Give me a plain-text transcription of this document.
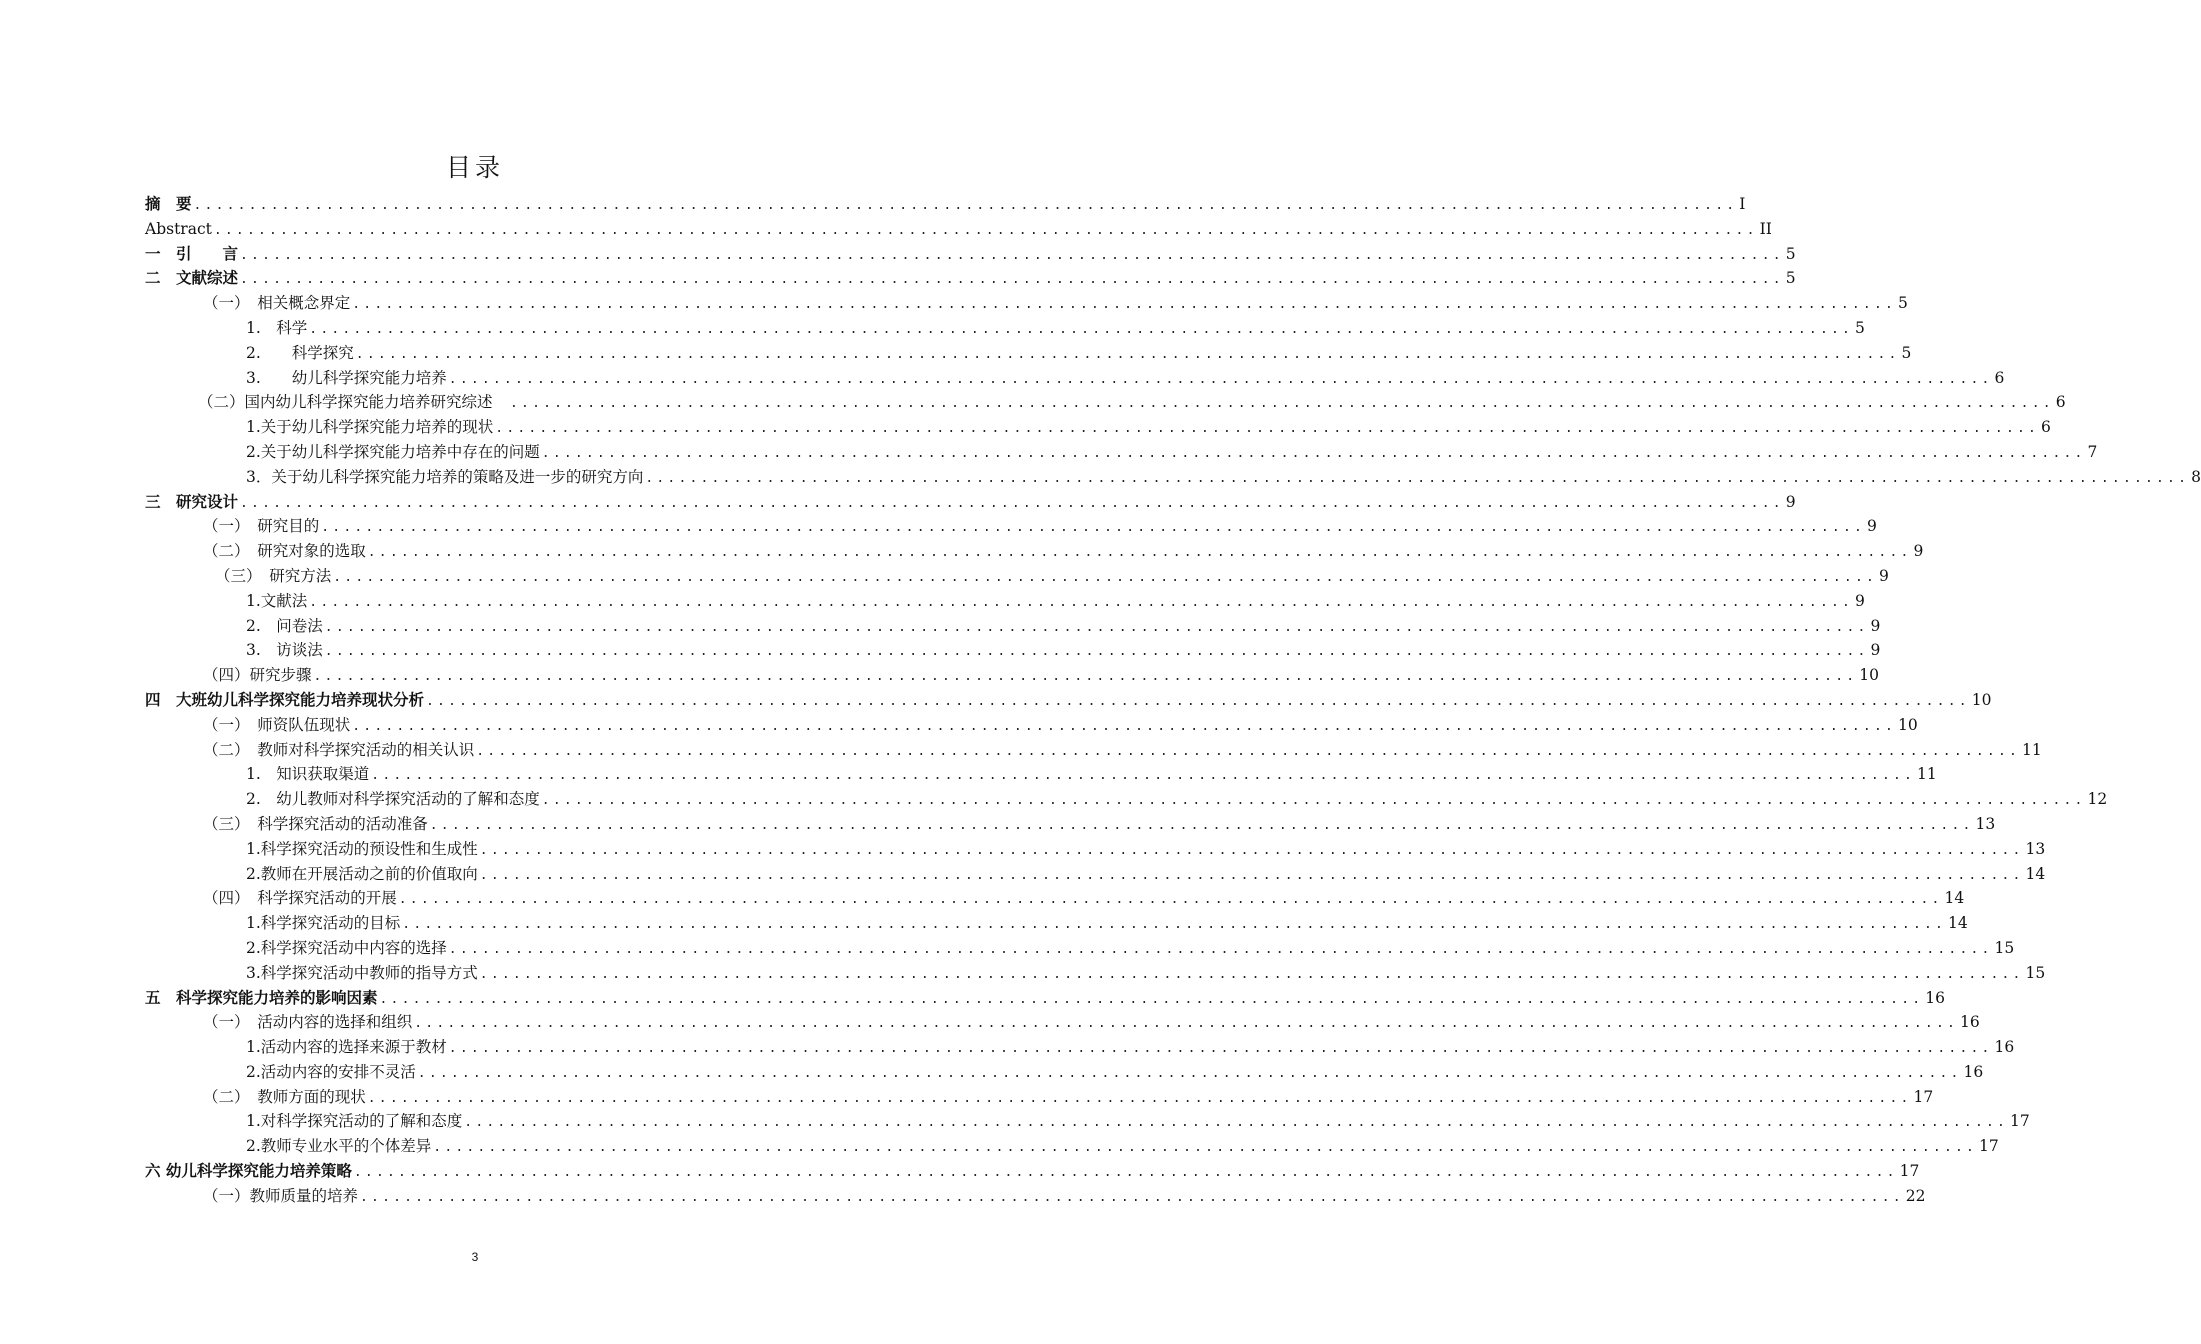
目录
摘　要 ............................................................................................................................................ I
Abstract ............................................................................................................................................ II
一　引　　言 ............................................................................................................................................ 5
二　文献综述 ............................................................................................................................................ 5
（一）　相关概念界定 ............................................................................................................................................ 5
1.　科学 ............................................................................................................................................ 5
2.　　科学探究 ............................................................................................................................................ 5
3.　　幼儿科学探究能力培养 ............................................................................................................................................ 6
（二）国内幼儿科学探究能力培养研究综述　 ............................................................................................................................................ 6
1.关于幼儿科学探究能力培养的现状 ............................................................................................................................................ 6
2.关于幼儿科学探究能力培养中存在的问题 ............................................................................................................................................ 7
3．关于幼儿科学探究能力培养的策略及进一步的研究方向 ............................................................................................................................................ 8
三　研究设计 ............................................................................................................................................ 9
（一）　研究目的 ............................................................................................................................................ 9
（二）　研究对象的选取 ............................................................................................................................................ 9
（三）　研究方法 ............................................................................................................................................ 9
1.文献法 ............................................................................................................................................ 9
2.　问卷法 ............................................................................................................................................ 9
3.　访谈法 ............................................................................................................................................ 9
（四）研究步骤 ............................................................................................................................................ 10
四　大班幼儿科学探究能力培养现状分析 ............................................................................................................................................ 10
（一）　师资队伍现状 ............................................................................................................................................ 10
（二）　教师对科学探究活动的相关认识 ............................................................................................................................................ 11
1.　知识获取渠道 ............................................................................................................................................ 11
2.　幼儿教师对科学探究活动的了解和态度 ............................................................................................................................................ 12
（三）　科学探究活动的活动准备 ............................................................................................................................................ 13
1.科学探究活动的预设性和生成性 ............................................................................................................................................ 13
2.教师在开展活动之前的价值取向 ............................................................................................................................................ 14
（四）　科学探究活动的开展 ............................................................................................................................................ 14
1.科学探究活动的目标 ............................................................................................................................................ 14
2.科学探究活动中内容的选择 ............................................................................................................................................ 15
3.科学探究活动中教师的指导方式 ............................................................................................................................................ 15
五　科学探究能力培养的影响因素 ............................................................................................................................................ 16
（一）　活动内容的选择和组织 ............................................................................................................................................ 16
1.活动内容的选择来源于教材 ............................................................................................................................................ 16
2.活动内容的安排不灵活 ............................................................................................................................................ 16
（二）　教师方面的现状 ............................................................................................................................................ 17
1.对科学探究活动的了解和态度 ............................................................................................................................................ 17
2.教师专业水平的个体差异 ............................................................................................................................................ 17
六 幼儿科学探究能力培养策略 ............................................................................................................................................ 17
（一）教师质量的培养 ............................................................................................................................................ 22
3
